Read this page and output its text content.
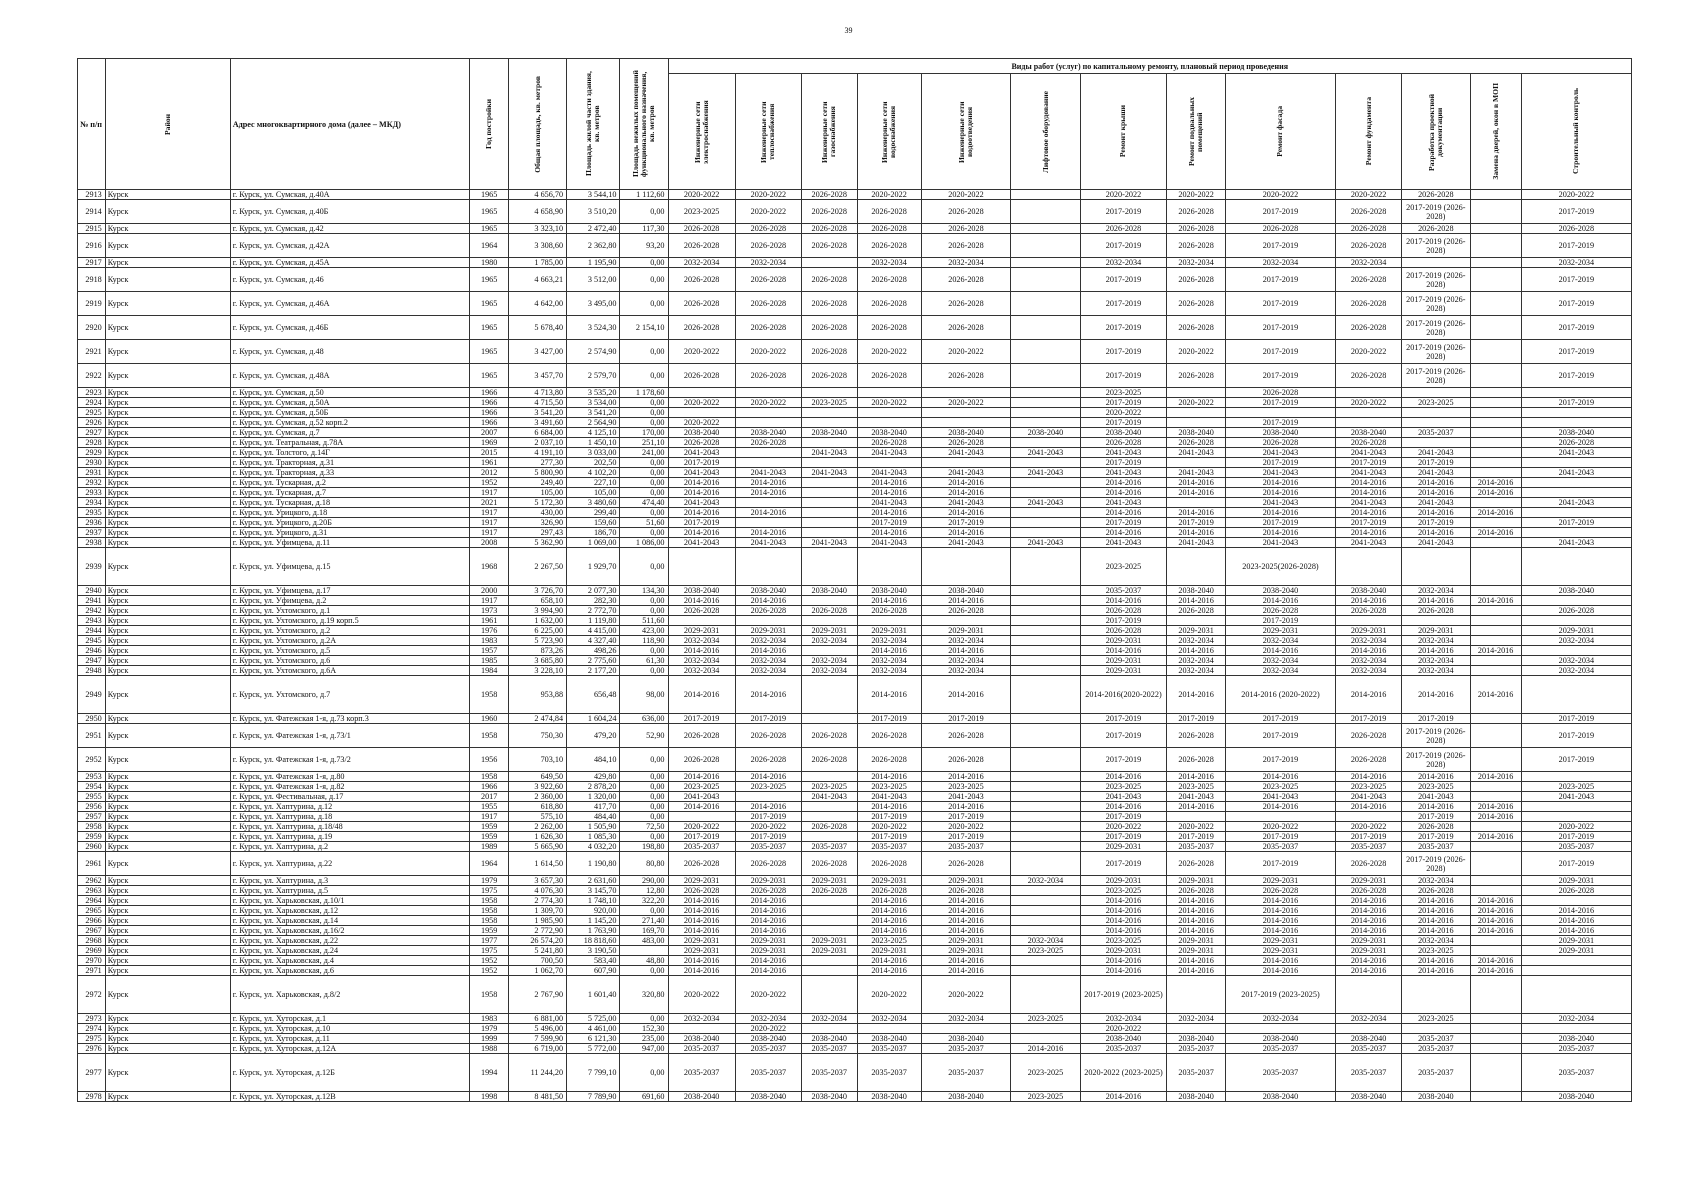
39
№ п/п	Район	Адрес многоквартирного дома (далее – МКД)	Год постройки	Общая площадь, кв. метров	Площадь жилой части здания, кв. метров	Площадь нежилых помещений функционального назначения, кв. метров	Виды работ (услуг) по капитальному ремонту, плановый период проведения												

							Инженерные сети электроснабжения	Инженерные сети теплоснабжения	Инженерные сети газоснабжения	Инженерные сети водоснабжения	Инженерные сети водоотведения	Лифтовое оборудование	Ремонт крыши	Ремонт подвальных помещений	Ремонт фасада	Ремонт фундамента	Разработка проектной документации	Замена дверей, окон в МОП	Строительный контроль

2913	Курск	г. Курск, ул. Сумская, д.40А	1965	4 656,70	3 544,10	1 112,60	2020-2022	2020-2022	2026-2028	2020-2022	2020-2022		2020-2022	2020-2022	2020-2022	2020-2022	2026-2028		2020-2022
2914	Курск	г. Курск, ул. Сумская, д.40Б	1965	4 658,90	3 510,20	0,00	2023-2025	2020-2022	2026-2028	2026-2028	2026-2028		2017-2019	2026-2028	2017-2019	2026-2028	2017-2019 (2026-2028)		2017-2019
2915	Курск	г. Курск, ул. Сумская, д.42	1965	3 323,10	2 472,40	117,30	2026-2028	2026-2028	2026-2028	2026-2028	2026-2028		2026-2028	2026-2028	2026-2028	2026-2028	2026-2028		2026-2028
2916	Курск	г. Курск, ул. Сумская, д.42А	1964	3 308,60	2 362,80	93,20	2026-2028	2026-2028	2026-2028	2026-2028	2026-2028		2017-2019	2026-2028	2017-2019	2026-2028	2017-2019 (2026-2028)		2017-2019
2917	Курск	г. Курск, ул. Сумская, д.45А	1980	1 785,00	1 195,90	0,00	2032-2034	2032-2034		2032-2034	2032-2034		2032-2034	2032-2034	2032-2034	2032-2034			2032-2034
2918	Курск	г. Курск, ул. Сумская, д.46	1965	4 663,21	3 512,00	0,00	2026-2028	2026-2028	2026-2028	2026-2028	2026-2028		2017-2019	2026-2028	2017-2019	2026-2028	2017-2019 (2026-2028)		2017-2019
2919	Курск	г. Курск, ул. Сумская, д.46А	1965	4 642,00	3 495,00	0,00	2026-2028	2026-2028	2026-2028	2026-2028	2026-2028		2017-2019	2026-2028	2017-2019	2026-2028	2017-2019 (2026-2028)		2017-2019
2920	Курск	г. Курск, ул. Сумская, д.46Б	1965	5 678,40	3 524,30	2 154,10	2026-2028	2026-2028	2026-2028	2026-2028	2026-2028		2017-2019	2026-2028	2017-2019	2026-2028	2017-2019 (2026-2028)		2017-2019
2921	Курск	г. Курск, ул. Сумская, д.48	1965	3 427,00	2 574,90	0,00	2020-2022	2020-2022	2026-2028	2020-2022	2020-2022		2017-2019	2020-2022	2017-2019	2020-2022	2017-2019 (2026-2028)		2017-2019
2922	Курск	г. Курск, ул. Сумская, д.48А	1965	3 457,70	2 579,70	0,00	2026-2028	2026-2028	2026-2028	2026-2028	2026-2028		2017-2019	2026-2028	2017-2019	2026-2028	2017-2019 (2026-2028)		2017-2019
2923	Курск	г. Курск, ул. Сумская, д.50	1966	4 713,80	3 535,20	1 178,60							2023-2025		2026-2028				
2924	Курск	г. Курск, ул. Сумская, д.50А	1966	4 715,50	3 534,00	0,00	2020-2022	2020-2022	2023-2025	2020-2022	2020-2022		2017-2019	2020-2022	2017-2019	2020-2022	2023-2025		2017-2019
2925	Курск	г. Курск, ул. Сумская, д.50Б	1966	3 541,20	3 541,20	0,00							2020-2022						
2926	Курск	г. Курск, ул. Сумская, д.52 корп.2	1966	3 491,60	2 564,90	0,00	2020-2022						2017-2019		2017-2019				
2927	Курск	г. Курск, ул. Сумская, д.7	2007	6 684,00	4 125,10	170,00	2038-2040	2038-2040	2038-2040	2038-2040	2038-2040	2038-2040	2038-2040	2038-2040	2038-2040	2038-2040	2035-2037		2038-2040
2928	Курск	г. Курск, ул. Театральная, д.78А	1969	2 037,10	1 450,10	251,10	2026-2028	2026-2028		2026-2028	2026-2028		2026-2028	2026-2028	2026-2028	2026-2028			2026-2028
2929	Курск	г. Курск, ул. Толстого, д.14Г	2015	4 191,10	3 033,00	241,00	2041-2043		2041-2043	2041-2043	2041-2043	2041-2043	2041-2043	2041-2043	2041-2043	2041-2043	2041-2043		2041-2043
2930	Курск	г. Курск, ул. Тракторная, д.31	1961	277,30	202,50	0,00	2017-2019						2017-2019		2017-2019	2017-2019	2017-2019		
2931	Курск	г. Курск, ул. Тракторная, д.33	2012	5 800,90	4 102,20	0,00	2041-2043	2041-2043	2041-2043	2041-2043	2041-2043	2041-2043	2041-2043	2041-2043	2041-2043	2041-2043	2041-2043		2041-2043
2932	Курск	г. Курск, ул. Тускарная, д.2	1952	249,40	227,10	0,00	2014-2016	2014-2016		2014-2016	2014-2016		2014-2016	2014-2016	2014-2016	2014-2016	2014-2016	2014-2016	
2933	Курск	г. Курск, ул. Тускарная, д.7	1917	105,00	105,00	0,00	2014-2016	2014-2016		2014-2016	2014-2016		2014-2016	2014-2016	2014-2016	2014-2016	2014-2016	2014-2016	
2934	Курск	г. Курск, ул. Тускарная, д.18	2021	5 172,30	3 480,60	474,40	2041-2043			2041-2043	2041-2043	2041-2043	2041-2043		2041-2043	2041-2043	2041-2043		2041-2043
2935	Курск	г. Курск, ул. Урицкого, д.18	1917	430,00	299,40	0,00	2014-2016	2014-2016		2014-2016	2014-2016		2014-2016	2014-2016	2014-2016	2014-2016	2014-2016	2014-2016	
2936	Курск	г. Курск, ул. Урицкого, д.20Б	1917	326,90	159,60	51,60	2017-2019			2017-2019	2017-2019		2017-2019	2017-2019	2017-2019	2017-2019	2017-2019		2017-2019
2937	Курск	г. Курск, ул. Урицкого, д.31	1917	297,43	186,70	0,00	2014-2016	2014-2016		2014-2016	2014-2016		2014-2016	2014-2016	2014-2016	2014-2016	2014-2016	2014-2016	
2938	Курск	г. Курск, ул. Уфимцева, д.11	2008	5 362,90	1 069,00	1 086,00	2041-2043	2041-2043	2041-2043	2041-2043	2041-2043	2041-2043	2041-2043	2041-2043	2041-2043	2041-2043	2041-2043		2041-2043
2939	Курск	г. Курск, ул. Уфимцева, д.15	1968	2 267,50	1 929,70	0,00							2023-2025		2023-2025(2026-2028)				
2940	Курск	г. Курск, ул. Уфимцева, д.17	2000	3 726,70	2 077,30	134,30	2038-2040	2038-2040	2038-2040	2038-2040	2038-2040		2035-2037	2038-2040	2038-2040	2038-2040	2032-2034		2038-2040
2941	Курск	г. Курск, ул. Уфимцева, д.2	1917	658,10	282,30	0,00	2014-2016	2014-2016		2014-2016	2014-2016		2014-2016	2014-2016	2014-2016	2014-2016	2014-2016	2014-2016	
2942	Курск	г. Курск, ул. Ухтомского, д.1	1973	3 994,90	2 772,70	0,00	2026-2028	2026-2028	2026-2028	2026-2028	2026-2028		2026-2028	2026-2028	2026-2028	2026-2028	2026-2028		2026-2028
2943	Курск	г. Курск, ул. Ухтомского, д.19 корп.5	1961	1 632,00	1 119,80	511,60							2017-2019		2017-2019				
2944	Курск	г. Курск, ул. Ухтомского, д.2	1976	6 225,00	4 415,00	423,00	2029-2031	2029-2031	2029-2031	2029-2031	2029-2031		2026-2028	2029-2031	2029-2031	2029-2031	2029-2031		2029-2031
2945	Курск	г. Курск, ул. Ухтомского, д.2А	1983	5 723,90	4 327,40	118,90	2032-2034	2032-2034	2032-2034	2032-2034	2032-2034		2029-2031	2032-2034	2032-2034	2032-2034	2032-2034		2032-2034
2946	Курск	г. Курск, ул. Ухтомского, д.5	1957	873,26	498,26	0,00	2014-2016	2014-2016		2014-2016	2014-2016		2014-2016	2014-2016	2014-2016	2014-2016	2014-2016	2014-2016	
2947	Курск	г. Курск, ул. Ухтомского, д.6	1985	3 685,80	2 775,60	61,30	2032-2034	2032-2034	2032-2034	2032-2034	2032-2034		2029-2031	2032-2034	2032-2034	2032-2034	2032-2034		2032-2034
2948	Курск	г. Курск, ул. Ухтомского, д.6А	1984	3 228,10	2 177,20	0,00	2032-2034	2032-2034	2032-2034	2032-2034	2032-2034		2029-2031	2032-2034	2032-2034	2032-2034	2032-2034		2032-2034
2949	Курск	г. Курск, ул. Ухтомского, д.7	1958	953,88	656,48	98,00	2014-2016	2014-2016		2014-2016	2014-2016		2014-2016(2020-2022)	2014-2016	2014-2016 (2020-2022)	2014-2016	2014-2016	2014-2016	
2950	Курск	г. Курск, ул. Фатежская 1-я, д.73 корп.3	1960	2 474,84	1 604,24	636,00	2017-2019	2017-2019		2017-2019	2017-2019		2017-2019	2017-2019	2017-2019	2017-2019	2017-2019		2017-2019
2951	Курск	г. Курск, ул. Фатежская 1-я, д.73/1	1958	750,30	479,20	52,90	2026-2028	2026-2028	2026-2028	2026-2028	2026-2028		2017-2019	2026-2028	2017-2019	2026-2028	2017-2019 (2026-2028)		2017-2019
2952	Курск	г. Курск, ул. Фатежская 1-я, д.73/2	1956	703,10	484,10	0,00	2026-2028	2026-2028	2026-2028	2026-2028	2026-2028		2017-2019	2026-2028	2017-2019	2026-2028	2017-2019 (2026-2028)		2017-2019
2953	Курск	г. Курск, ул. Фатежская 1-я, д.80	1958	649,50	429,80	0,00	2014-2016	2014-2016		2014-2016	2014-2016		2014-2016	2014-2016	2014-2016	2014-2016	2014-2016	2014-2016	
2954	Курск	г. Курск, ул. Фатежская 1-я, д.82	1966	3 922,60	2 878,20	0,00	2023-2025	2023-2025	2023-2025	2023-2025	2023-2025		2023-2025	2023-2025	2023-2025	2023-2025	2023-2025		2023-2025
2955	Курск	г. Курск, ул. Фестивальная, д.17	2017	2 360,00	1 320,00	0,00	2041-2043		2041-2043	2041-2043	2041-2043		2041-2043	2041-2043	2041-2043	2041-2043	2041-2043		2041-2043
2956	Курск	г. Курск, ул. Хаптурина, д.12	1955	618,80	417,70	0,00	2014-2016	2014-2016		2014-2016	2014-2016		2014-2016	2014-2016	2014-2016	2014-2016	2014-2016	2014-2016	
2957	Курск	г. Курск, ул. Хаптурина, д.18	1917	575,10	484,40	0,00		2017-2019		2017-2019	2017-2019		2017-2019				2017-2019	2014-2016	
2958	Курск	г. Курск, ул. Хаптурина, д.18/48	1959	2 262,00	1 505,90	72,50	2020-2022	2020-2022	2026-2028	2020-2022	2020-2022		2020-2022	2020-2022	2020-2022	2020-2022	2026-2028		2020-2022
2959	Курск	г. Курск, ул. Хаптурина, д.19	1959	1 626,30	1 085,30	0,00	2017-2019	2017-2019		2017-2019	2017-2019		2017-2019	2017-2019	2017-2019	2017-2019	2017-2019	2014-2016	2017-2019
2960	Курск	г. Курск, ул. Хаптурина, д.2	1989	5 665,90	4 032,20	198,80	2035-2037	2035-2037	2035-2037	2035-2037	2035-2037		2029-2031	2035-2037	2035-2037	2035-2037	2035-2037		2035-2037
2961	Курск	г. Курск, ул. Хаптурина, д.22	1964	1 614,50	1 190,80	80,80	2026-2028	2026-2028	2026-2028	2026-2028	2026-2028		2017-2019	2026-2028	2017-2019	2026-2028	2017-2019 (2026-2028)		2017-2019
2962	Курск	г. Курск, ул. Хаптурина, д.3	1979	3 657,30	2 631,60	290,00	2029-2031	2029-2031	2029-2031	2029-2031	2029-2031	2032-2034	2029-2031	2029-2031	2029-2031	2029-2031	2032-2034		2029-2031
2963	Курск	г. Курск, ул. Хаптурина, д.5	1975	4 076,30	3 145,70	12,80	2026-2028	2026-2028	2026-2028	2026-2028	2026-2028		2023-2025	2026-2028	2026-2028	2026-2028	2026-2028		2026-2028
2964	Курск	г. Курск, ул. Харьковская, д.10/1	1958	2 774,30	1 748,10	322,20	2014-2016	2014-2016		2014-2016	2014-2016		2014-2016	2014-2016	2014-2016	2014-2016	2014-2016	2014-2016	
2965	Курск	г. Курск, ул. Харьковская, д.12	1958	1 309,70	920,00	0,00	2014-2016	2014-2016		2014-2016	2014-2016		2014-2016	2014-2016	2014-2016	2014-2016	2014-2016	2014-2016	2014-2016
2966	Курск	г. Курск, ул. Харьковская, д.14	1958	1 985,90	1 145,20	271,40	2014-2016	2014-2016		2014-2016	2014-2016		2014-2016	2014-2016	2014-2016	2014-2016	2014-2016	2014-2016	2014-2016
2967	Курск	г. Курск, ул. Харьковская, д.16/2	1959	2 772,90	1 763,90	169,70	2014-2016	2014-2016		2014-2016	2014-2016		2014-2016	2014-2016	2014-2016	2014-2016	2014-2016	2014-2016	2014-2016
2968	Курск	г. Курск, ул. Харьковская, д.22	1977	26 574,20	18 818,60	483,00	2029-2031	2029-2031	2029-2031	2023-2025	2029-2031	2032-2034	2023-2025	2029-2031	2029-2031	2029-2031	2032-2034		2029-2031
2969	Курск	г. Курск, ул. Харьковская, д.24	1975	5 241,80	3 190,50		2029-2031	2029-2031	2029-2031	2029-2031	2029-2031	2023-2025	2029-2031	2029-2031	2029-2031	2029-2031	2023-2025		2029-2031
2970	Курск	г. Курск, ул. Харьковская, д.4	1952	700,50	583,40	48,80	2014-2016	2014-2016		2014-2016	2014-2016		2014-2016	2014-2016	2014-2016	2014-2016	2014-2016	2014-2016	
2971	Курск	г. Курск, ул. Харьковская, д.6	1952	1 062,70	607,90	0,00	2014-2016	2014-2016		2014-2016	2014-2016		2014-2016	2014-2016	2014-2016	2014-2016	2014-2016	2014-2016	
2972	Курск	г. Курск, ул. Харьковская, д.8/2	1958	2 767,90	1 601,40	320,80	2020-2022	2020-2022		2020-2022	2020-2022		2017-2019 (2023-2025)		2017-2019 (2023-2025)				
2973	Курск	г. Курск, ул. Хуторская, д.1	1983	6 881,00	5 725,00	0,00	2032-2034	2032-2034	2032-2034	2032-2034	2032-2034	2023-2025	2032-2034	2032-2034	2032-2034	2032-2034	2023-2025		2032-2034
2974	Курск	г. Курск, ул. Хуторская, д.10	1979	5 496,00	4 461,00	152,30		2020-2022					2020-2022						
2975	Курск	г. Курск, ул. Хуторская, д.11	1999	7 599,90	6 121,30	235,00	2038-2040	2038-2040	2038-2040	2038-2040	2038-2040		2038-2040	2038-2040	2038-2040	2038-2040	2035-2037		2038-2040
2976	Курск	г. Курск, ул. Хуторская, д.12А	1988	6 719,00	5 772,00	947,00	2035-2037	2035-2037	2035-2037	2035-2037	2035-2037	2014-2016	2035-2037	2035-2037	2035-2037	2035-2037	2035-2037		2035-2037
2977	Курск	г. Курск, ул. Хуторская, д.12Б	1994	11 244,20	7 799,10	0,00	2035-2037	2035-2037	2035-2037	2035-2037	2035-2037	2023-2025	2020-2022 (2023-2025)	2035-2037	2035-2037	2035-2037	2035-2037		2035-2037
2978	Курск	г. Курск, ул. Хуторская, д.12В	1998	8 481,50	7 789,90	691,60	2038-2040	2038-2040	2038-2040	2038-2040	2038-2040	2023-2025	2014-2016	2038-2040	2038-2040	2038-2040	2038-2040		2038-2040
